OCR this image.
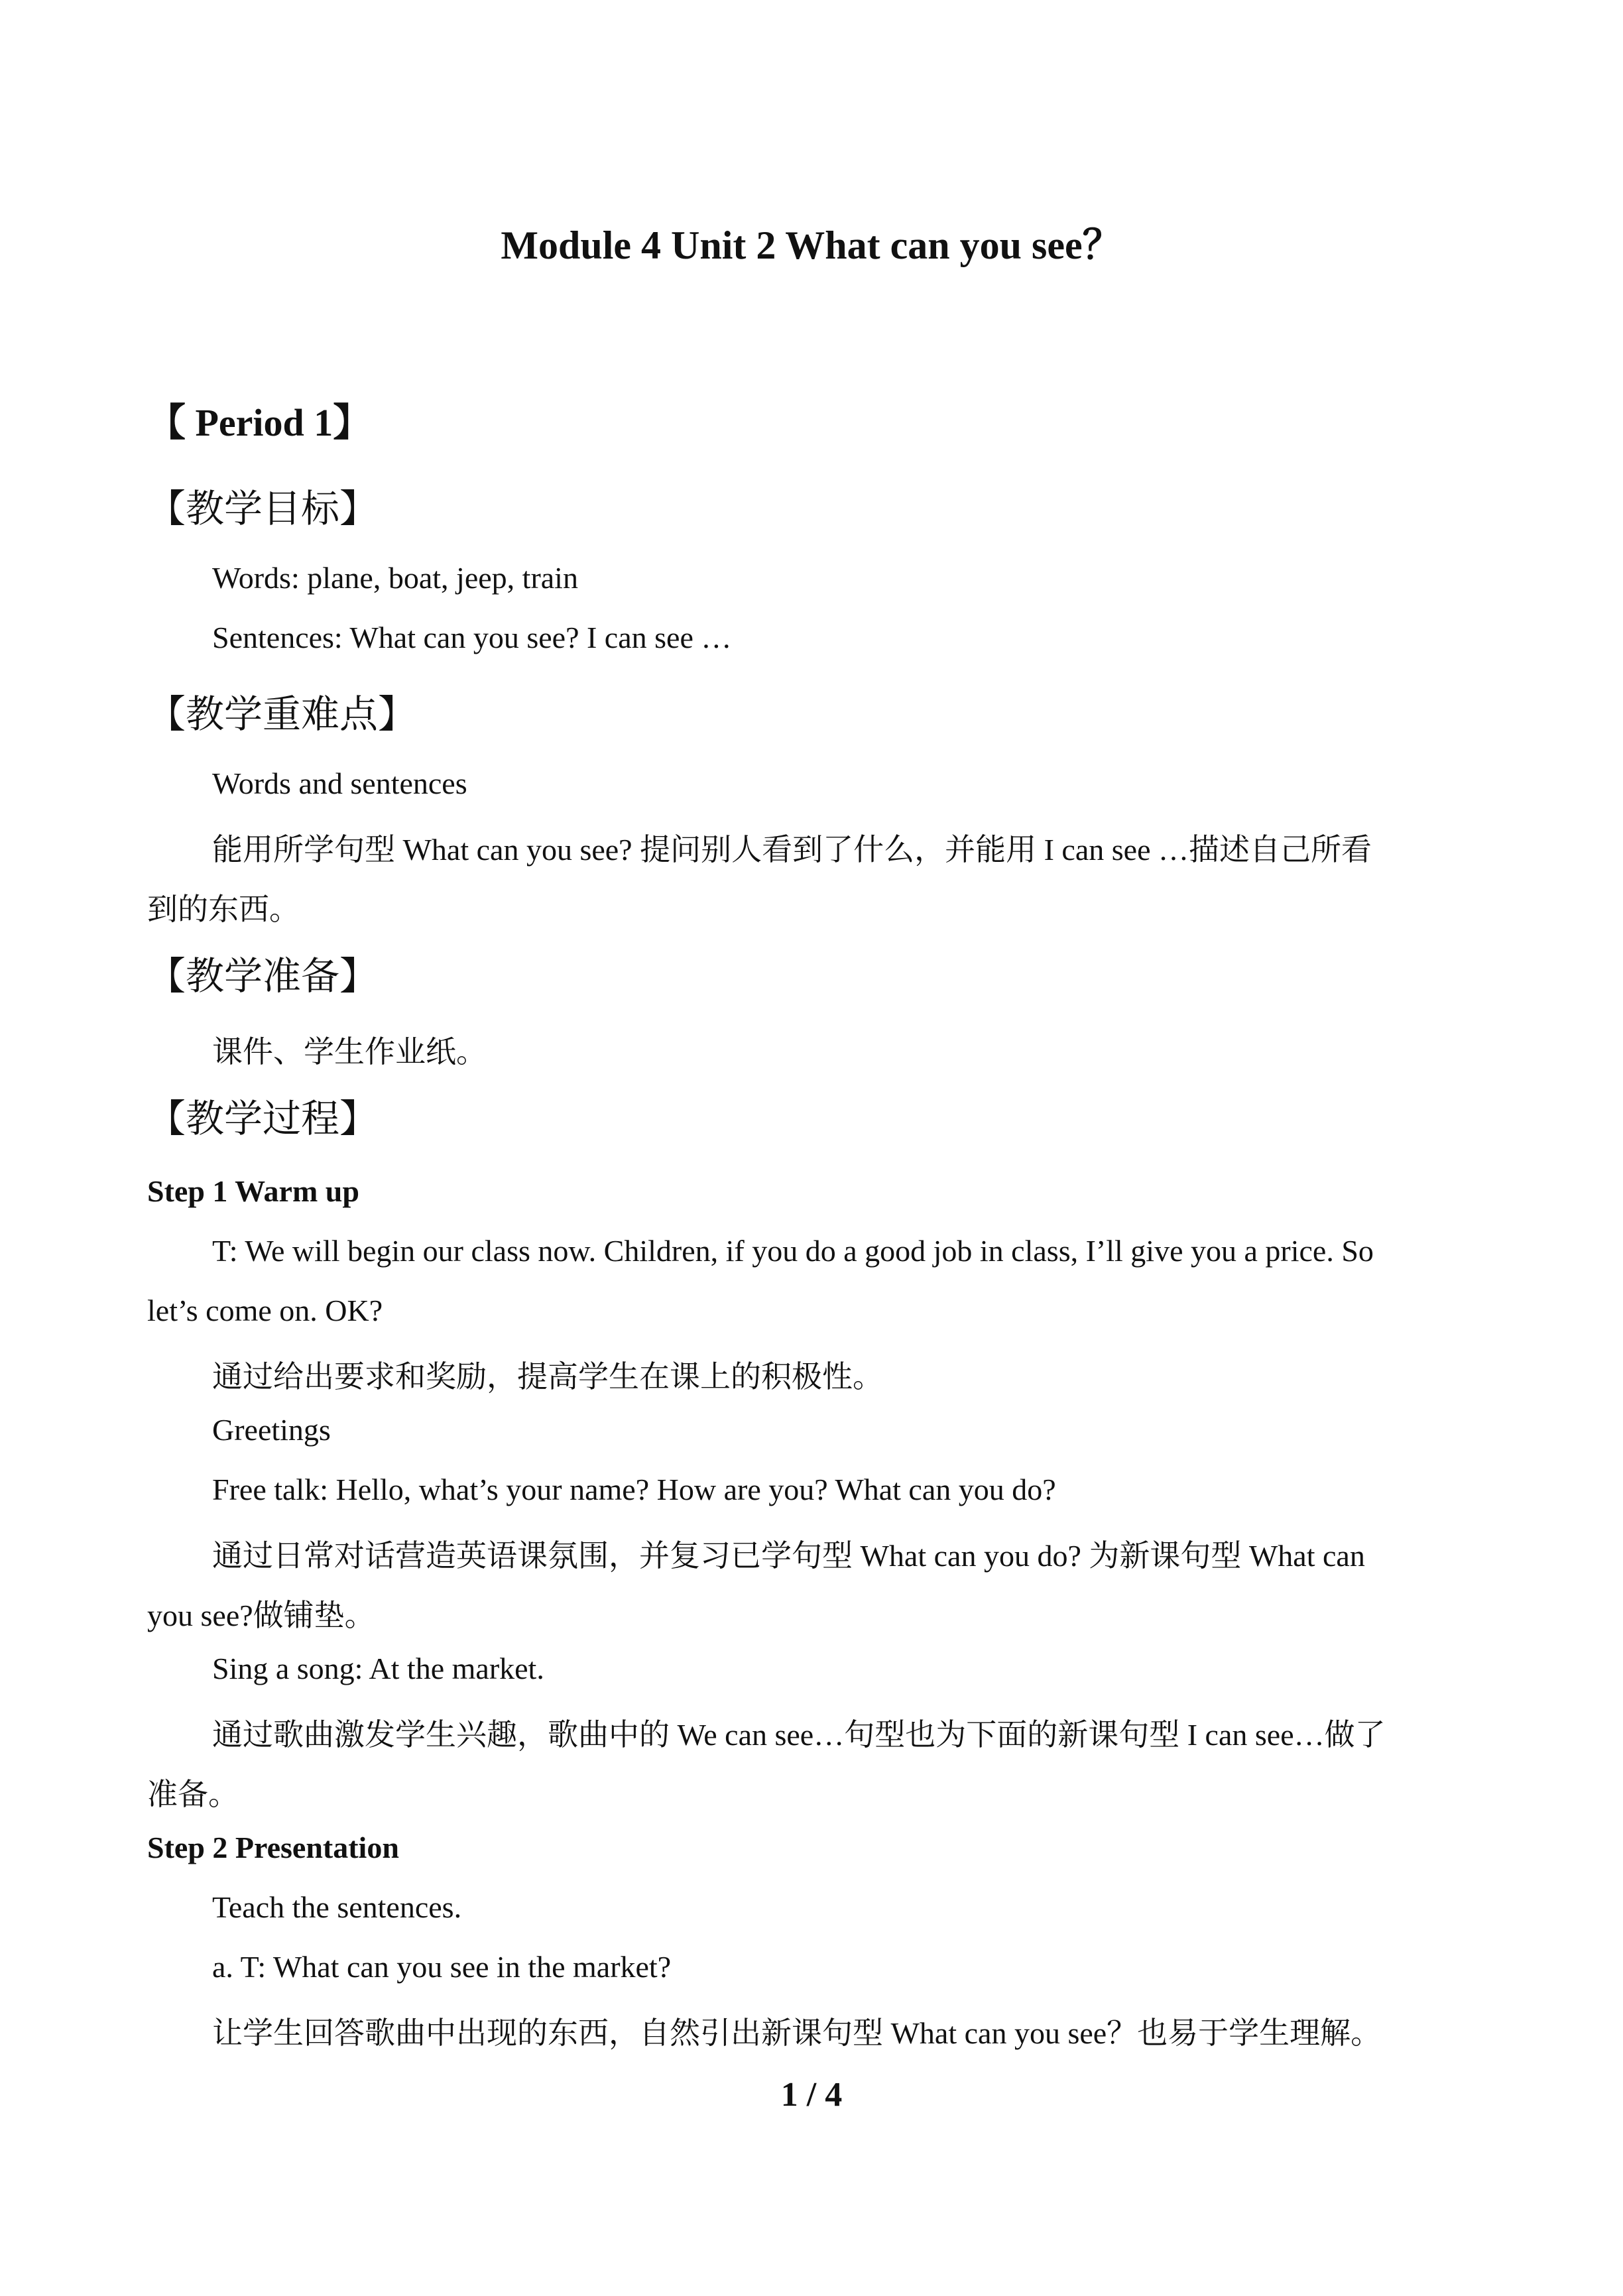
Module 4 Unit 2 What can you see？
【 Period 1】
【教学目标】
Words: plane, boat, jeep, train
Sentences: What can you see? I can see …
【教学重难点】
Words and sentences
能用所学句型 What can you see? 提问别人看到了什么，并能用 I can see …描述自己所看
到的东西。
【教学准备】
课件、学生作业纸。
【教学过程】
Step 1 Warm up
T: We will begin our class now. Children, if you do a good job in class, I’ll give you a price. So
let’s come on. OK?
通过给出要求和奖励，提高学生在课上的积极性。
Greetings
Free talk: Hello, what’s your name? How are you? What can you do?
通过日常对话营造英语课氛围，并复习已学句型 What can you do? 为新课句型 What can
you see?做铺垫。
Sing a song: At the market.
通过歌曲激发学生兴趣，歌曲中的 We can see…句型也为下面的新课句型 I can see…做了
准备。
Step 2 Presentation
Teach the sentences.
a. T: What can you see in the market?
让学生回答歌曲中出现的东西，自然引出新课句型 What can you see？也易于学生理解。
1 / 4
